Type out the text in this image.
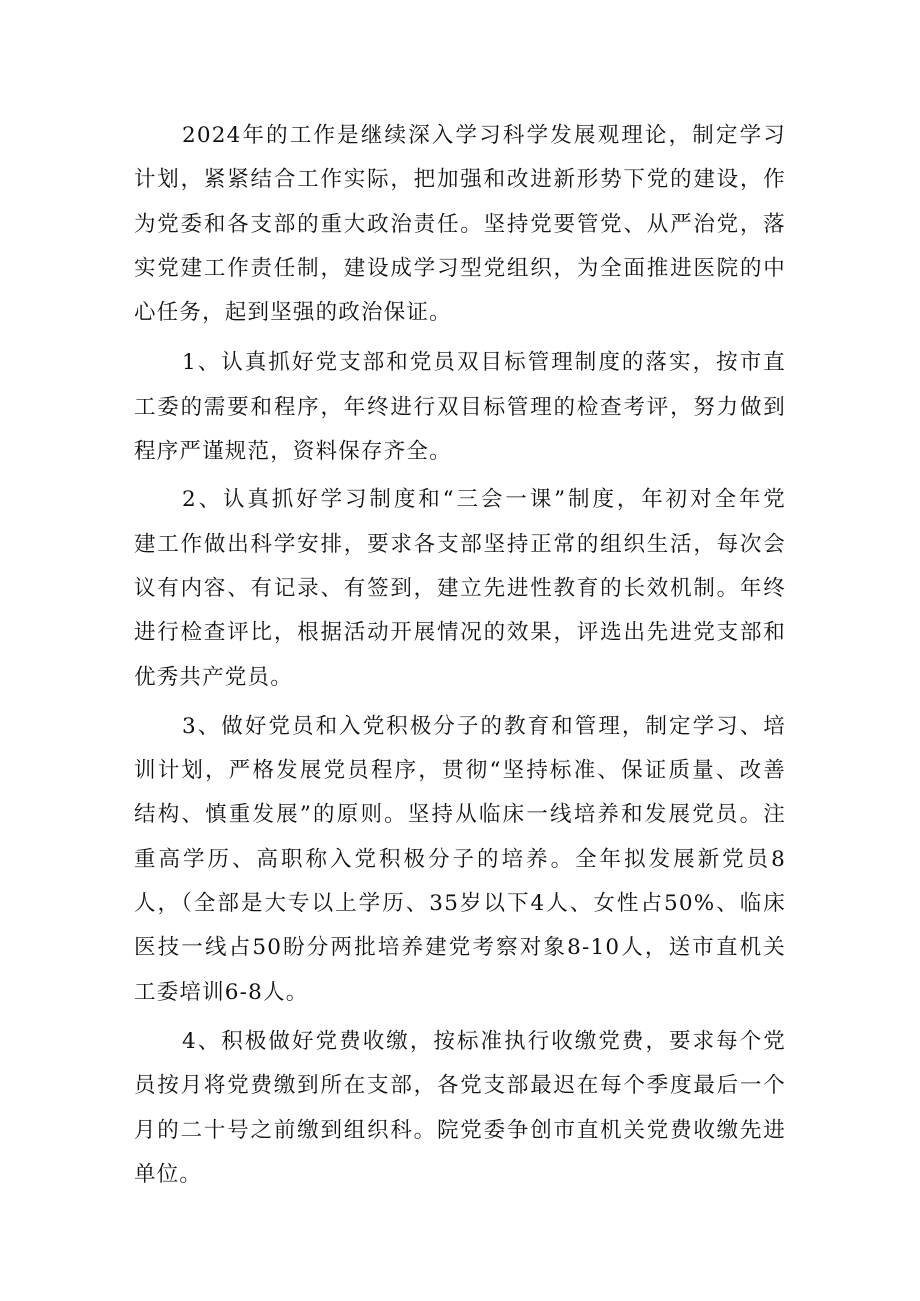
2024年的工作是继续深入学习科学发展观理论，制定学习
计划，紧紧结合工作实际，把加强和改进新形势下党的建设，作
为党委和各支部的重大政治责任。坚持党要管党、从严治党，落
实党建工作责任制，建设成学习型党组织，为全面推进医院的中
心任务，起到坚强的政治保证。

1、认真抓好党支部和党员双目标管理制度的落实，按市直
工委的需要和程序，年终进行双目标管理的检查考评，努力做到
程序严谨规范，资料保存齐全。

2、认真抓好学习制度和“三会一课”制度，年初对全年党
建工作做出科学安排，要求各支部坚持正常的组织生活，每次会
议有内容、有记录、有签到，建立先进性教育的长效机制。年终
进行检查评比，根据活动开展情况的效果，评选出先进党支部和
优秀共产党员。

3、做好党员和入党积极分子的教育和管理，制定学习、培
训计划，严格发展党员程序，贯彻“坚持标准、保证质量、改善
结构、慎重发展”的原则。坚持从临床一线培养和发展党员。注
重高学历、高职称入党积极分子的培养。全年拟发展新党员8
人，（全部是大专以上学历、35岁以下4人、女性占50%、临床
医技一线占50盼分两批培养建党考察对象8-10人，送市直机关
工委培训6-8人。

4、积极做好党费收缴，按标准执行收缴党费，要求每个党
员按月将党费缴到所在支部，各党支部最迟在每个季度最后一个
月的二十号之前缴到组织科。院党委争创市直机关党费收缴先进
单位。
